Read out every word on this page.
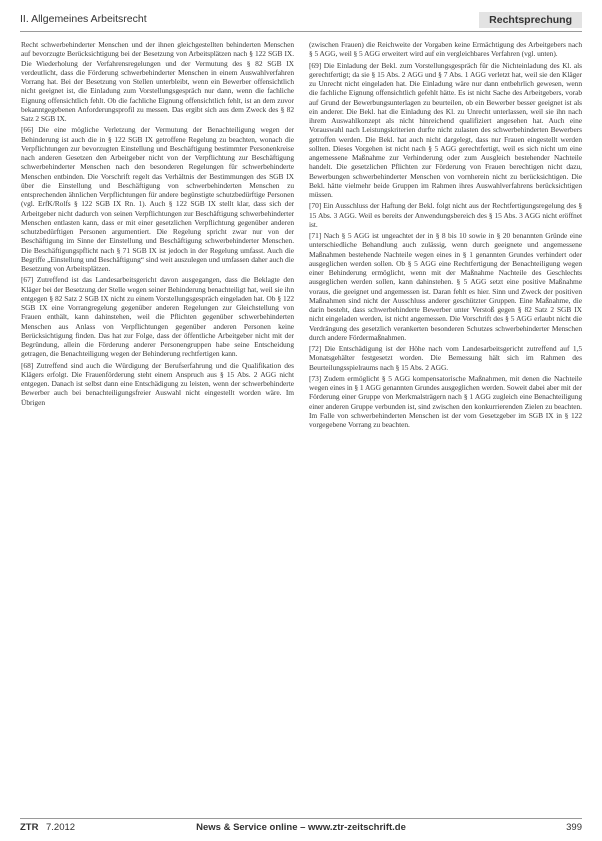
II. Allgemeines Arbeitsrecht	Rechtsprechung

Recht schwerbehinderter Menschen und der ihnen gleichgestellten behinderten Menschen auf bevorzugte Berücksichtigung bei der Besetzung von Arbeitsplätzen nach § 122 SGB IX. Die Wiederholung der Verfahrensregelungen und der Vermutung des § 82 SGB IX verdeutlicht, dass die Förderung schwerbehinderter Menschen in einem Auswahlverfahren Vorrang hat. Bei der Besetzung von Stellen unterbleibt, wenn ein Bewerber offensichtlich nicht geeignet ist, die Einladung zum Vorstellungsgespräch nur dann, wenn die fachliche Eignung offensichtlich fehlt. Ob die fachliche Eignung offensichtlich fehlt, ist an dem zuvor bekanntgegebenen Anforderungsprofil zu messen. Das ergibt sich aus dem Zweck des § 82 Satz 2 SGB IX.

[66] Die eine mögliche Verletzung der Vermutung der Benachteiligung wegen der Behinderung ist auch die in § 122 SGB IX getroffene Regelung zu beachten, wonach die Verpflichtungen zur bevorzugten Einstellung und Beschäftigung bestimmter Personenkreise nach anderen Gesetzen den Arbeitgeber nicht von der Verpflichtung zur Beschäftigung schwerbehinderter Menschen nach den besonderen Regelungen für schwerbehinderte Menschen entbinden. Die Vorschrift regelt das Verhältnis der Bestimmungen des SGB IX über die Einstellung und Beschäftigung von schwerbehinderten Menschen zu entsprechenden ähnlichen Verpflichtungen für andere begünstigte schutzbedürftige Personen (vgl. ErfK/Rolfs § 122 SGB IX Rn. 1). Auch § 122 SGB IX stellt klar, dass sich der Arbeitgeber nicht dadurch von seinen Verpflichtungen zur Beschäftigung schwerbehinderter Menschen entlasten kann, dass er mit einer gesetzlichen Verpflichtung gegenüber anderen schutzbedürftigen Personen argumentiert. Die Regelung spricht zwar nur von der Beschäftigung im Sinne der Einstellung und Beschäftigung schwerbehinderter Menschen. Die Beschäftigungspflicht nach § 71 SGB IX ist jedoch in der Regelung umfasst. Auch die Begriffe „Einstellung und Beschäftigung“ sind weit auszulegen und umfassen daher auch die Besetzung von Arbeitsplätzen.

[67] Zutreffend ist das Landesarbeitsgericht davon ausgegangen, dass die Beklagte den Kläger bei der Besetzung der Stelle wegen seiner Behinderung benachteiligt hat, weil sie ihn entgegen § 82 Satz 2 SGB IX nicht zu einem Vorstellungsgespräch eingeladen hat. Ob § 122 SGB IX eine Vorrangregelung gegenüber anderen Regelungen zur Gleichstellung von Frauen enthält, kann dahinstehen, weil die Pflichten gegenüber schwerbehinderten Menschen aus Anlass von Verpflichtungen gegenüber anderen Personen keine Berücksichtigung finden. Das hat zur Folge, dass der öffentliche Arbeitgeber nicht mit der Begründung, allein die Förderung anderer Personengruppen habe seine Entscheidung getragen, die Benachteiligung wegen der Behinderung rechtfertigen kann.

[68] Zutreffend sind auch die Würdigung der Berufserfahrung und die Qualifikation des Klägers erfolgt. Die Frauenförderung steht einem Anspruch aus § 15 Abs. 2 AGG nicht entgegen. Danach ist selbst dann eine Entschädigung zu leisten, wenn der schwerbehinderte Bewerber auch bei benachteiligungsfreier Auswahl nicht eingestellt worden wäre. Im Übrigen

(zwischen Frauen) die Reichweite der Vorgaben keine Ermächtigung des Arbeitgebers nach § 5 AGG, weil § 5 AGG erweitert wird auf ein vergleichbares Verfahren (vgl. unten).

[69] Die Einladung der Bekl. zum Vorstellungsgespräch für die Nichteinladung des Kl. als gerechtfertigt; da sie § 15 Abs. 2 AGG und § 7 Abs. 1 AGG verletzt hat, weil sie den Kläger zu Unrecht nicht eingeladen hat. Die Einladung wäre nur dann entbehrlich gewesen, wenn die fachliche Eignung offensichtlich gefehlt hätte. Es ist nicht Sache des Arbeitgebers, vorab auf Grund der Bewerbungsunterlagen zu beurteilen, ob ein Bewerber besser geeignet ist als ein anderer. Die Bekl. hat die Einladung des Kl. zu Unrecht unterlassen, weil sie ihn nach ihrem Auswahlkonzept als nicht hinreichend qualifiziert angesehen hat. Auch eine Vorauswahl nach Leistungskriterien durfte nicht zulasten des schwerbehinderten Bewerbers getroffen werden. Die Bekl. hat auch nicht dargelegt, dass nur Frauen eingestellt werden sollten. Dieses Vorgehen ist nicht nach § 5 AGG gerechtfertigt, weil es sich nicht um eine angemessene Maßnahme zur Verhinderung oder zum Ausgleich bestehender Nachteile handelt. Die gesetzlichen Pflichten zur Förderung von Frauen berechtigen nicht dazu, Bewerbungen schwerbehinderter Menschen von vornherein nicht zu berücksichtigen. Die Bekl. hätte vielmehr beide Gruppen im Rahmen ihres Auswahlverfahrens berücksichtigen müssen.

[70] Ein Ausschluss der Haftung der Bekl. folgt nicht aus der Rechtfertigungsregelung des § 15 Abs. 3 AGG. Weil es bereits der Anwendungsbereich des § 15 Abs. 3 AGG nicht eröffnet ist.

[71] Nach § 5 AGG ist ungeachtet der in § 8 bis 10 sowie in § 20 benannten Gründe eine unterschiedliche Behandlung auch zulässig, wenn durch geeignete und angemessene Maßnahmen bestehende Nachteile wegen eines in § 1 genannten Grundes verhindert oder ausgeglichen werden sollen. Ob § 5 AGG eine Rechtfertigung der Benachteiligung wegen einer Behinderung ermöglicht, wenn mit der Maßnahme Nachteile des Geschlechts ausgeglichen werden sollen, kann dahinstehen. § 5 AGG setzt eine positive Maßnahme voraus, die geeignet und angemessen ist. Daran fehlt es hier. Sinn und Zweck der positiven Maßnahmen sind nicht der Ausschluss anderer geschützter Gruppen. Eine Maßnahme, die darin besteht, dass schwerbehinderte Bewerber unter Verstoß gegen § 82 Satz 2 SGB IX nicht eingeladen werden, ist nicht angemessen. Die Vorschrift des § 5 AGG erlaubt nicht die Verdrängung des gesetzlich verankerten besonderen Schutzes schwerbehinderter Menschen durch andere Fördermaßnahmen.

[72] Die Entschädigung ist der Höhe nach vom Landesarbeitsgericht zutreffend auf 1,5 Monatsgehälter festgesetzt worden. Die Bemessung hält sich im Rahmen des Beurteilungsspielraums nach § 15 Abs. 2 AGG.

[73] Zudem ermöglicht § 5 AGG kompensatorische Maßnahmen, mit denen die Nachteile wegen eines in § 1 AGG genannten Grundes ausgeglichen werden. Soweit dabei aber mit der Förderung einer Gruppe von Merkmalsträgern nach § 1 AGG zugleich eine Benachteiligung einer anderen Gruppe verbunden ist, sind zwischen den konkurrierenden Zielen zu beachten. Im Falle von schwerbehinderten Menschen ist der vom Gesetzgeber im SGB IX in § 122 vorgegebene Vorrang zu beachten.

ZTR 7.2012	News & Service online – www.ztr-zeitschrift.de	399
